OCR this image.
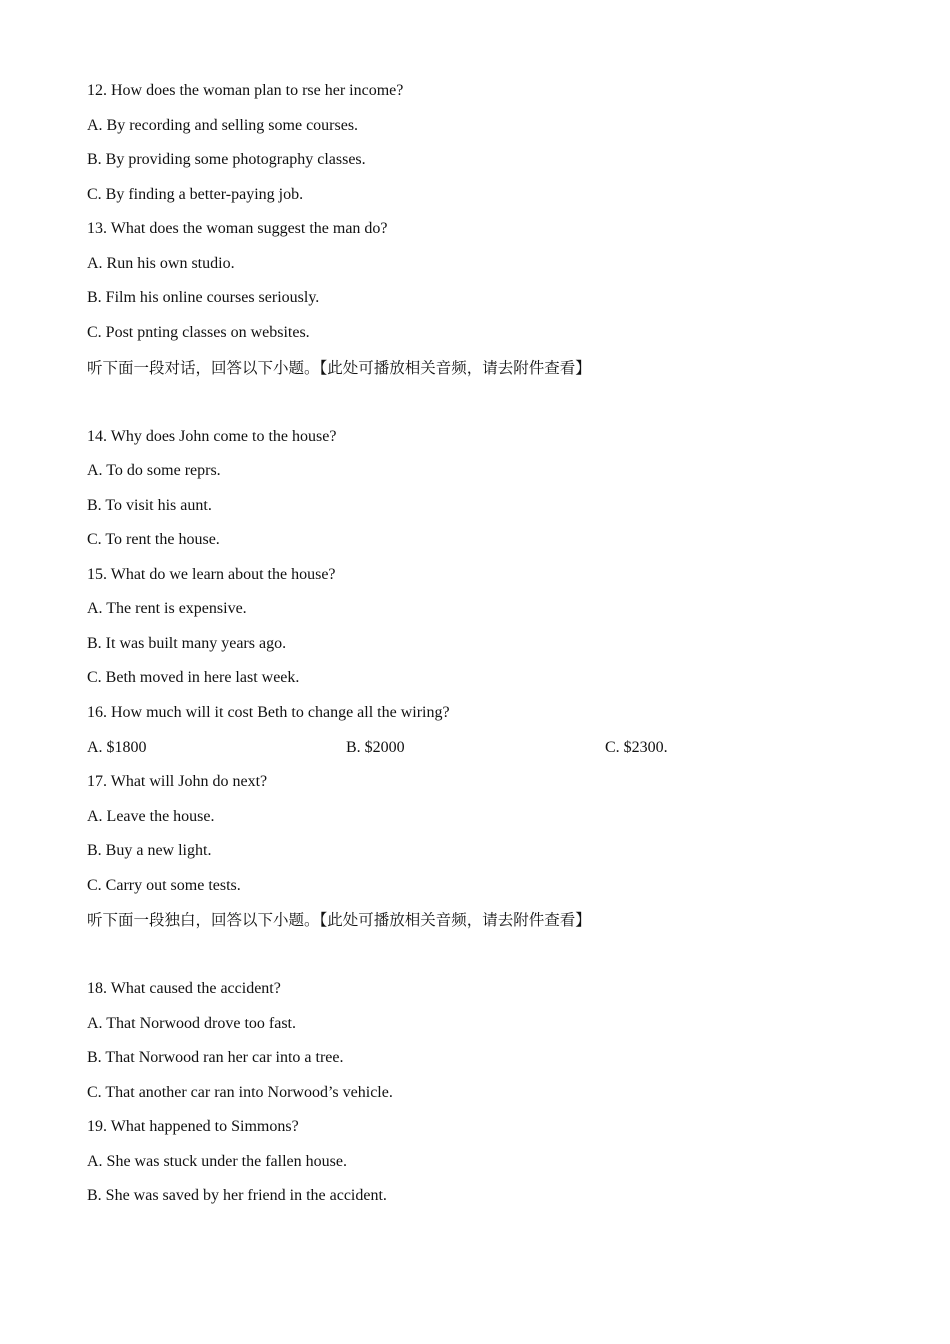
12. How does the woman plan to rse her income?
A. By recording and selling some courses.
B. By providing some photography classes.
C. By finding a better-paying job.
13. What does the woman suggest the man do?
A. Run his own studio.
B. Film his online courses seriously.
C. Post pnting classes on websites.
听下面一段对话，回答以下小题。【此处可播放相关音频，请去附件查看】
14. Why does John come to the house?
A. To do some reprs.
B. To visit his aunt.
C. To rent the house.
15. What do we learn about the house?
A. The rent is expensive.
B. It was built many years ago.
C. Beth moved in here last week.
16. How much will it cost Beth to change all the wiring?
A. $1800	B. $2000	C. $2300.
17. What will John do next?
A. Leave the house.
B. Buy a new light.
C. Carry out some tests.
听下面一段独白，回答以下小题。【此处可播放相关音频，请去附件查看】
18. What caused the accident?
A. That Norwood drove too fast.
B. That Norwood ran her car into a tree.
C. That another car ran into Norwood’s vehicle.
19. What happened to Simmons?
A. She was stuck under the fallen house.
B. She was saved by her friend in the accident.
